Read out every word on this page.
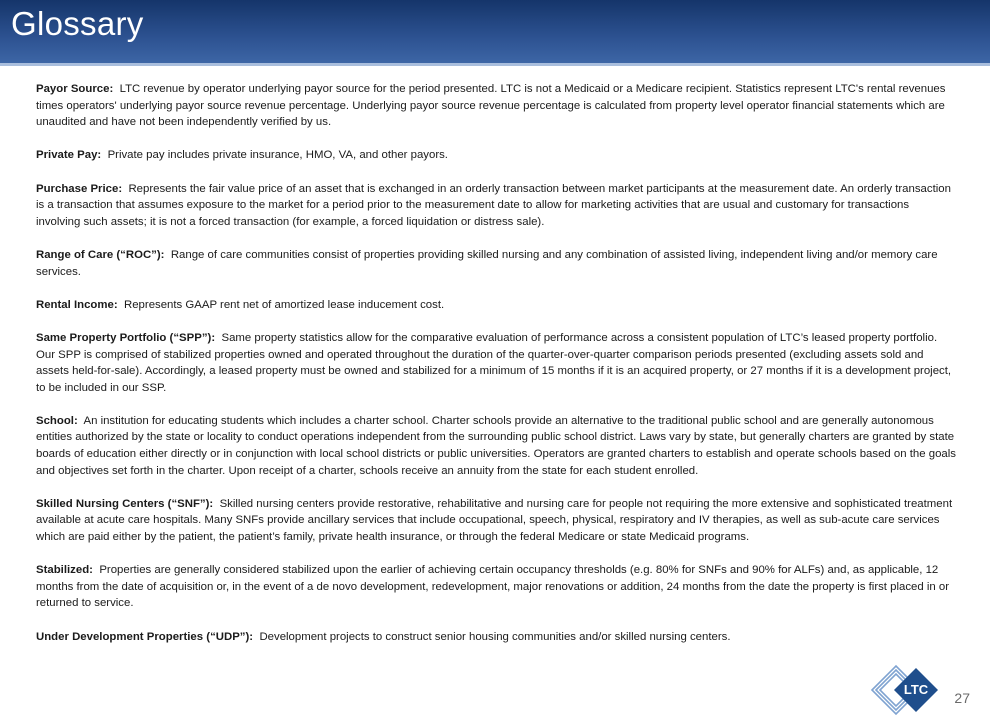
Glossary

Payor Source: LTC revenue by operator underlying payor source for the period presented. LTC is not a Medicaid or a Medicare recipient. Statistics represent LTC's rental revenues times operators' underlying payor source revenue percentage. Underlying payor source revenue percentage is calculated from property level operator financial statements which are unaudited and have not been independently verified by us.

Private Pay: Private pay includes private insurance, HMO, VA, and other payors.

Purchase Price: Represents the fair value price of an asset that is exchanged in an orderly transaction between market participants at the measurement date. An orderly transaction is a transaction that assumes exposure to the market for a period prior to the measurement date to allow for marketing activities that are usual and customary for transactions involving such assets; it is not a forced transaction (for example, a forced liquidation or distress sale).

Range of Care (“ROC”): Range of care communities consist of properties providing skilled nursing and any combination of assisted living, independent living and/or memory care services.

Rental Income: Represents GAAP rent net of amortized lease inducement cost.

Same Property Portfolio (“SPP”): Same property statistics allow for the comparative evaluation of performance across a consistent population of LTC’s leased property portfolio. Our SPP is comprised of stabilized properties owned and operated throughout the duration of the quarter-over-quarter comparison periods presented (excluding assets sold and assets held-for-sale). Accordingly, a leased property must be owned and stabilized for a minimum of 15 months if it is an acquired property, or 27 months if it is a development project, to be included in our SSP.

School: An institution for educating students which includes a charter school. Charter schools provide an alternative to the traditional public school and are generally autonomous entities authorized by the state or locality to conduct operations independent from the surrounding public school district. Laws vary by state, but generally charters are granted by state boards of education either directly or in conjunction with local school districts or public universities. Operators are granted charters to establish and operate schools based on the goals and objectives set forth in the charter. Upon receipt of a charter, schools receive an annuity from the state for each student enrolled.

Skilled Nursing Centers (“SNF”): Skilled nursing centers provide restorative, rehabilitative and nursing care for people not requiring the more extensive and sophisticated treatment available at acute care hospitals. Many SNFs provide ancillary services that include occupational, speech, physical, respiratory and IV therapies, as well as sub-acute care services which are paid either by the patient, the patient’s family, private health insurance, or through the federal Medicare or state Medicaid programs.

Stabilized: Properties are generally considered stabilized upon the earlier of achieving certain occupancy thresholds (e.g. 80% for SNFs and 90% for ALFs) and, as applicable, 12 months from the date of acquisition or, in the event of a de novo development, redevelopment, major renovations or addition, 24 months from the date the property is first placed in or returned to service.

Under Development Properties (“UDP”): Development projects to construct senior housing communities and/or skilled nursing centers.

LTC
REIT
27
